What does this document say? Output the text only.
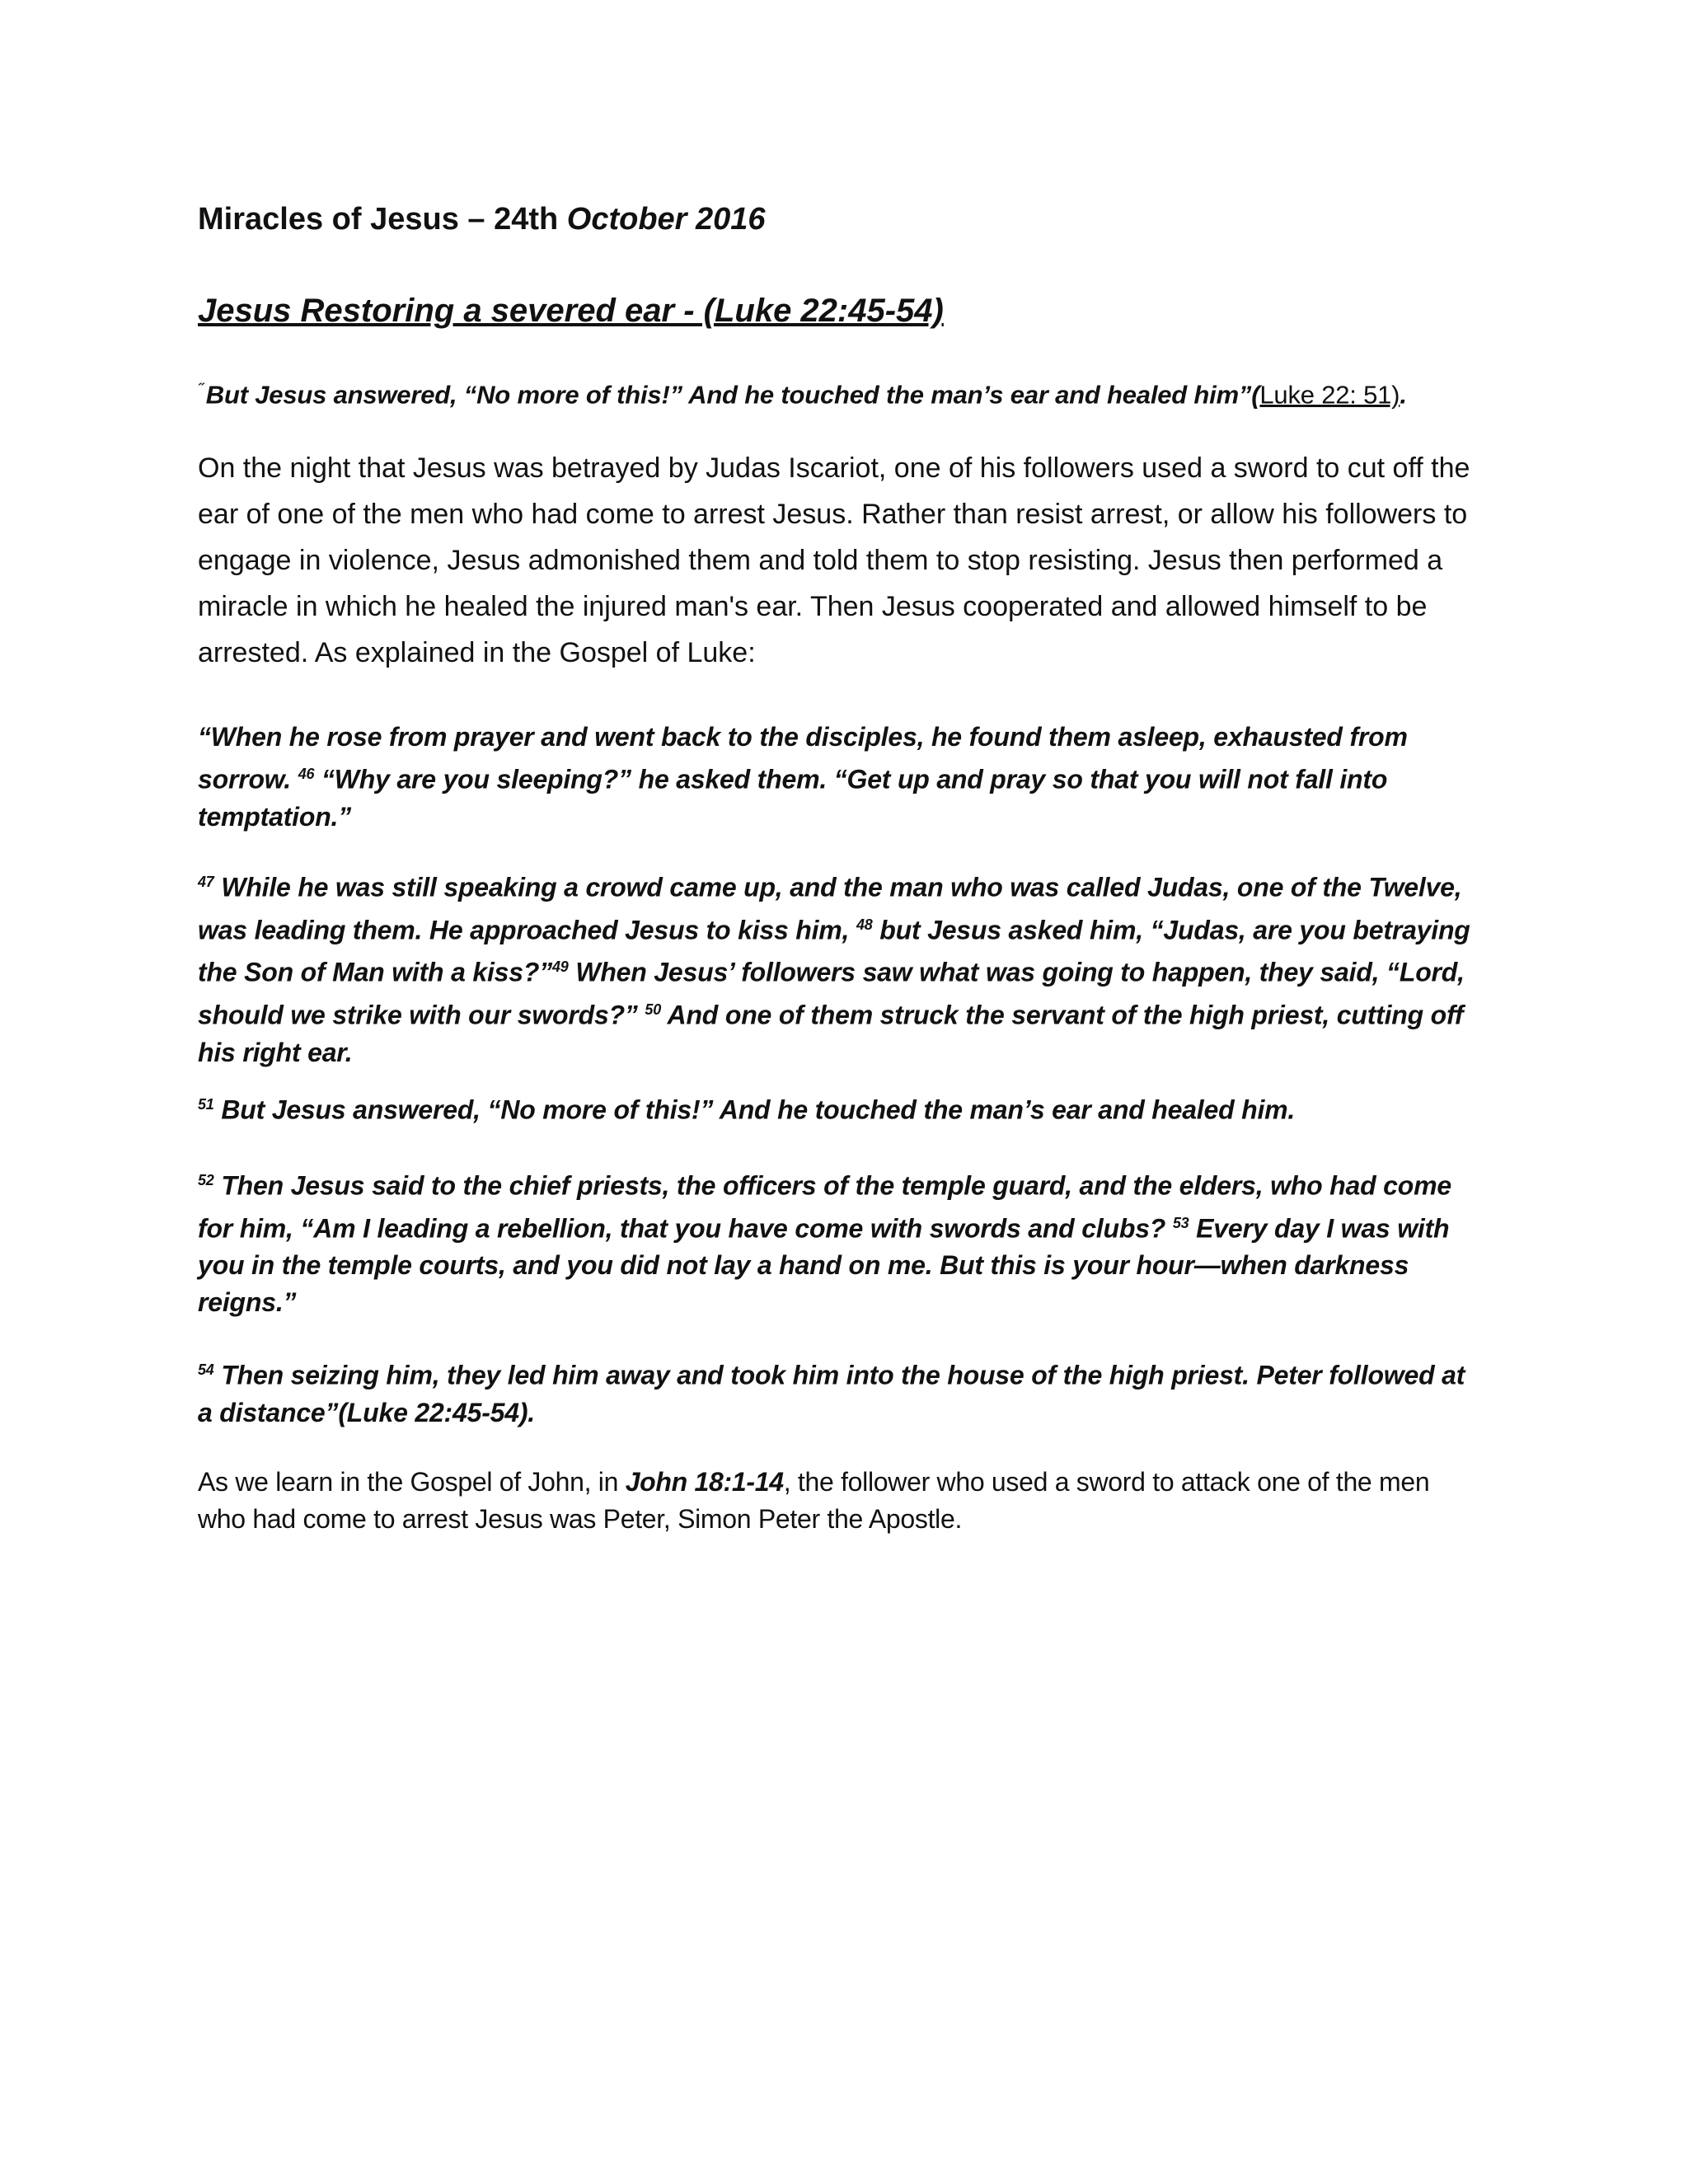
Miracles of Jesus – 24th October 2016
Jesus Restoring a severed ear - (Luke 22:45-54)

˝ But Jesus answered, “No more of this!” And he touched the man’s ear and healed him”(Luke 22: 51).

On the night that Jesus was betrayed by Judas Iscariot, one of his followers used a sword to cut off the ear of one of the men who had come to arrest Jesus. Rather than resist arrest, or allow his followers to engage in violence, Jesus admonished them and told them to stop resisting. Jesus then performed a miracle in which he healed the injured man's ear. Then Jesus cooperated and allowed himself to be arrested. As explained in the Gospel of Luke:

“When he rose from prayer and went back to the disciples, he found them asleep, exhausted from sorrow. $^{46}$ “Why are you sleeping?” he asked them. “Get up and pray so that you will not fall into temptation.”

$^{47}$ While he was still speaking a crowd came up, and the man who was called Judas, one of the Twelve, was leading them. He approached Jesus to kiss him, $^{48}$ but Jesus asked him, “Judas, are you betraying the Son of Man with a kiss?”$^{49}$ When Jesus’ followers saw what was going to happen, they said, “Lord, should we strike with our swords?” $^{50}$ And one of them struck the servant of the high priest, cutting off his right ear.

$^{51}$ But Jesus answered, “No more of this!” And he touched the man’s ear and healed him.

$^{52}$ Then Jesus said to the chief priests, the officers of the temple guard, and the elders, who had come for him, “Am I leading a rebellion, that you have come with swords and clubs? $^{53}$ Every day I was with you in the temple courts, and you did not lay a hand on me. But this is your hour—when darkness reigns.”

$^{54}$ Then seizing him, they led him away and took him into the house of the high priest. Peter followed at a distance”(Luke 22:45-54).

As we learn in the Gospel of John, in John 18:1-14, the follower who used a sword to attack one of the men who had come to arrest Jesus was Peter, Simon Peter the Apostle.
